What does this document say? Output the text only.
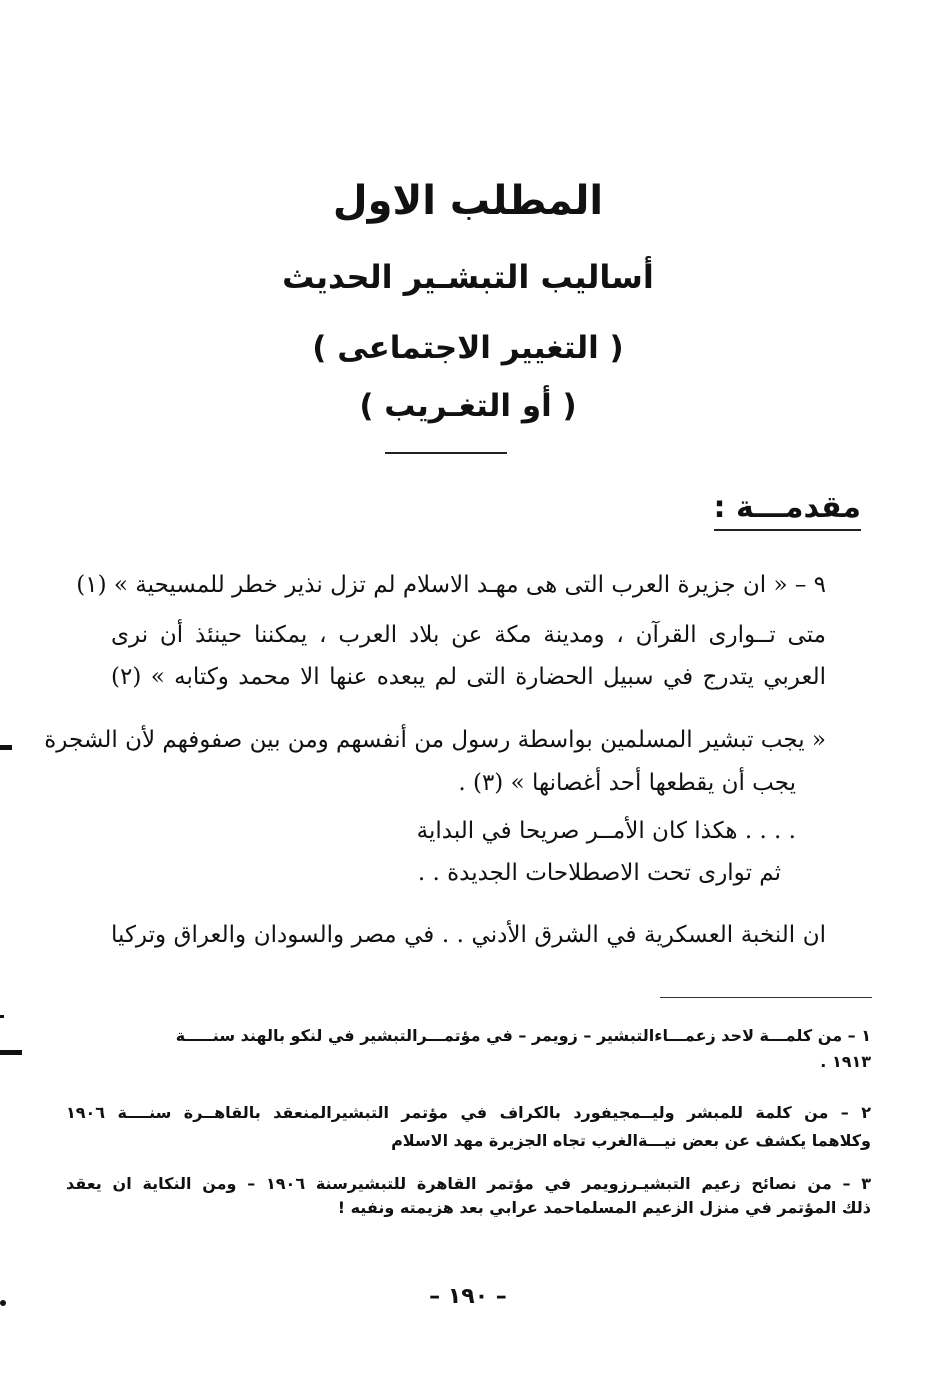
المطلب الاول
أساليب التبشـير الحديث
( التغيير الاجتماعى )
( أو التغـريب )
مقدمـــة :
٩ – « ان جزيرة العرب التى هى مهـد الاسلام لم تزل نذير خطر للمسيحية » (١)
متى تــوارى القرآن ، ومدينة مكة عن بلاد العرب ، يمكننا حينئذ أن نرى
العربي يتدرج في سبيل الحضارة التى لم يبعده عنها الا محمد وكتابه » (٢)
« يجب تبشير المسلمين بواسطة رسول من أنفسهم ومن بين صفوفهم لأن الشجرة
يجب أن يقطعها أحد أغصانها » (٣) .
. . . . هكذا كان الأمــر صريحا في البداية
ثم توارى تحت الاصطلاحات الجديدة . .
ان النخبة العسكرية في الشرق الأدني . . في مصر والسودان والعراق وتركيا
١ – من كلمـــة لاحد زعمـــاءالتبشير – زويمر – في مؤتمـــرالتبشير في لنكو بالهند سنـــــة
١٩١٣ .
٢ – من كلمة للمبشر وليــمجيفورد بالكراف في مؤتمر التبشيرالمنعقد بالقاهــرة سنــــة ١٩٠٦
وكلاهما يكشف عن بعض نيـــةالغرب تجاه الجزيرة مهد الاسلام
٣ – من نصائح زعيم التبشيـرزويمر في مؤتمر القاهرة للتبشيرسنة ١٩٠٦ – ومن النكاية ان يعقد
ذلك المؤتمر في منزل الزعيم المسلماحمد عرابي بعد هزيمته ونفيه !
– ١٩٠ –
